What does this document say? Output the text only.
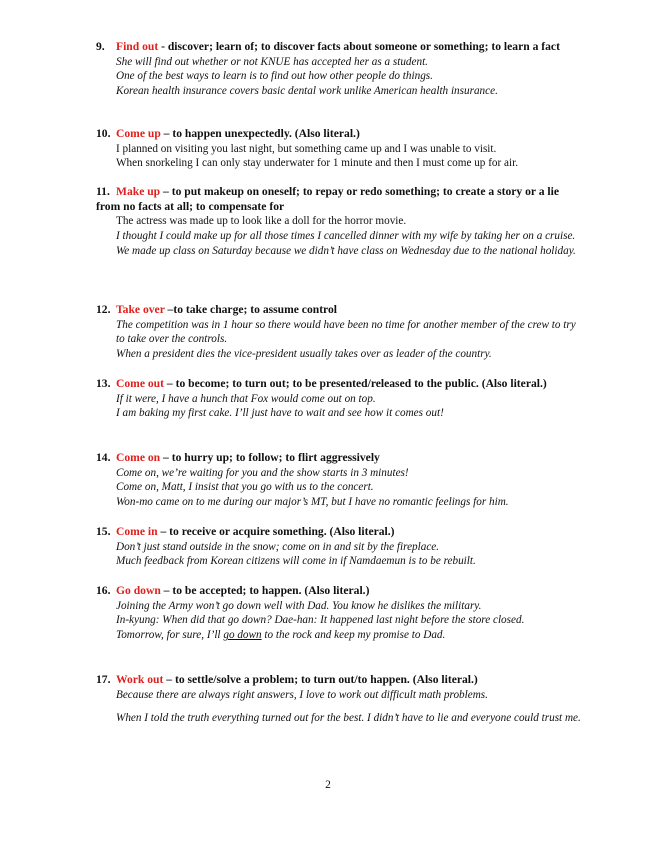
9. Find out - discover; learn of; to discover facts about someone or something; to learn a fact
She will find out whether or not KNUE has accepted her as a student.
One of the best ways to learn is to find out how other people do things.
Korean health insurance covers basic dental work unlike American health insurance.
10. Come up – to happen unexpectedly. (Also literal.)
I planned on visiting you last night, but something came up and I was unable to visit.
When snorkeling I can only stay underwater for 1 minute and then I must come up for air.
11. Make up – to put makeup on oneself; to repay or redo something; to create a story or a lie from no facts at all; to compensate for
The actress was made up to look like a doll for the horror movie.
I thought I could make up for all those times I cancelled dinner with my wife by taking her on a cruise.
We made up class on Saturday because we didn’t have class on Wednesday due to the national holiday.
12. Take over –to take charge; to assume control
The competition was in 1 hour so there would have been no time for another member of the crew to try to take over the controls.
When a president dies the vice-president usually takes over as leader of the country.
13. Come out – to become; to turn out; to be presented/released to the public. (Also literal.)
If it were, I have a hunch that Fox would come out on top.
I am baking my first cake. I’ll just have to wait and see how it comes out!
14. Come on – to hurry up; to follow; to flirt aggressively
Come on, we’re waiting for you and the show starts in 3 minutes!
Come on, Matt, I insist that you go with us to the concert.
Won-mo came on to me during our major’s MT, but I have no romantic feelings for him.
15. Come in – to receive or acquire something. (Also literal.)
Don’t just stand outside in the snow; come on in and sit by the fireplace.
Much feedback from Korean citizens will come in if Namdaemun is to be rebuilt.
16. Go down – to be accepted; to happen. (Also literal.)
Joining the Army won’t go down well with Dad. You know he dislikes the military.
In-kyung: When did that go down? Dae-han: It happened last night before the store closed.
Tomorrow, for sure, I’ll go down to the rock and keep my promise to Dad.
17. Work out – to settle/solve a problem; to turn out/to happen. (Also literal.)
Because there are always right answers, I love to work out difficult math problems.
When I told the truth everything turned out for the best. I didn’t have to lie and everyone could trust me.
2
